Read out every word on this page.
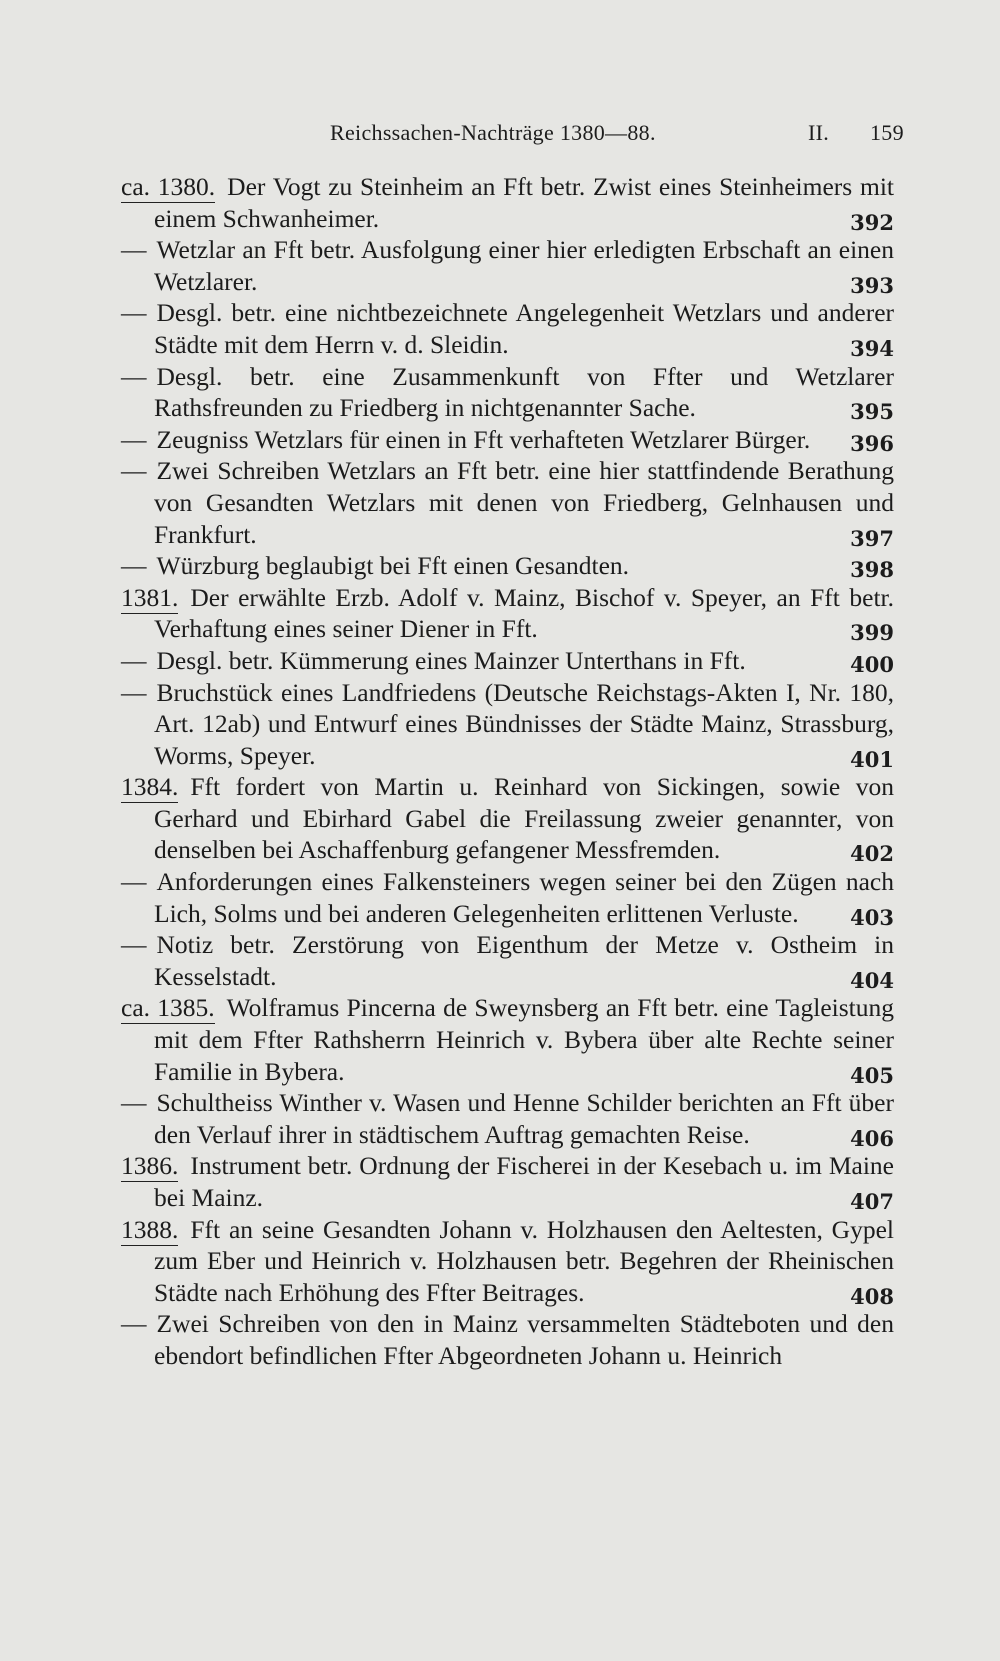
Reichssachen-Nachträge 1380—88.	II. 159
ca. 1380. Der Vogt zu Steinheim an Fft betr. Zwist eines Steinheimers mit einem Schwanheimer.	392
— Wetzlar an Fft betr. Ausfolgung einer hier erledigten Erbschaft an einen Wetzlarer.	393
— Desgl. betr. eine nichtbezeichnete Angelegenheit Wetzlars und anderer Städte mit dem Herrn v. d. Sleidin.	394
— Desgl. betr. eine Zusammenkunft von Ffter und Wetzlarer Rathsfreunden zu Friedberg in nichtgenannter Sache.	395
— Zeugniss Wetzlars für einen in Fft verhafteten Wetzlarer Bürger. 396
— Zwei Schreiben Wetzlars an Fft betr. eine hier stattfindende Berathung von Gesandten Wetzlars mit denen von Friedberg, Gelnhausen und Frankfurt.	397
— Würzburg beglaubigt bei Fft einen Gesandten.	398
1381. Der erwählte Erzb. Adolf v. Mainz, Bischof v. Speyer, an Fft betr. Verhaftung eines seiner Diener in Fft.	399
— Desgl. betr. Kümmerung eines Mainzer Unterthans in Fft.	400
— Bruchstück eines Landfriedens (Deutsche Reichstags-Akten I, Nr. 180, Art. 12ab) und Entwurf eines Bündnisses der Städte Mainz, Strassburg, Worms, Speyer.	401
1384. Fft fordert von Martin u. Reinhard von Sickingen, sowie von Gerhard und Ebirhard Gabel die Freilassung zweier genannter, von denselben bei Aschaffenburg gefangener Messfremden.	402
— Anforderungen eines Falkensteiners wegen seiner bei den Zügen nach Lich, Solms und bei anderen Gelegenheiten erlittenen Verluste. 403
— Notiz betr. Zerstörung von Eigenthum der Metze v. Ostheim in Kesselstadt.	404
ca. 1385. Wolframus Pincerna de Sweynsberg an Fft betr. eine Tagleistung mit dem Ffter Rathsherrn Heinrich v. Bybera über alte Rechte seiner Familie in Bybera.	405
— Schultheiss Winther v. Wasen und Henne Schilder berichten an Fft über den Verlauf ihrer in städtischem Auftrag gemachten Reise.	406
1386. Instrument betr. Ordnung der Fischerei in der Kesebach u. im Maine bei Mainz.	407
1388. Fft an seine Gesandten Johann v. Holzhausen den Aeltesten, Gypel zum Eber und Heinrich v. Holzhausen betr. Begehren der Rheinischen Städte nach Erhöhung des Ffter Beitrages.	408
— Zwei Schreiben von den in Mainz versammelten Städteboten und den ebendort befindlichen Ffter Abgeordneten Johann u. Heinrich
